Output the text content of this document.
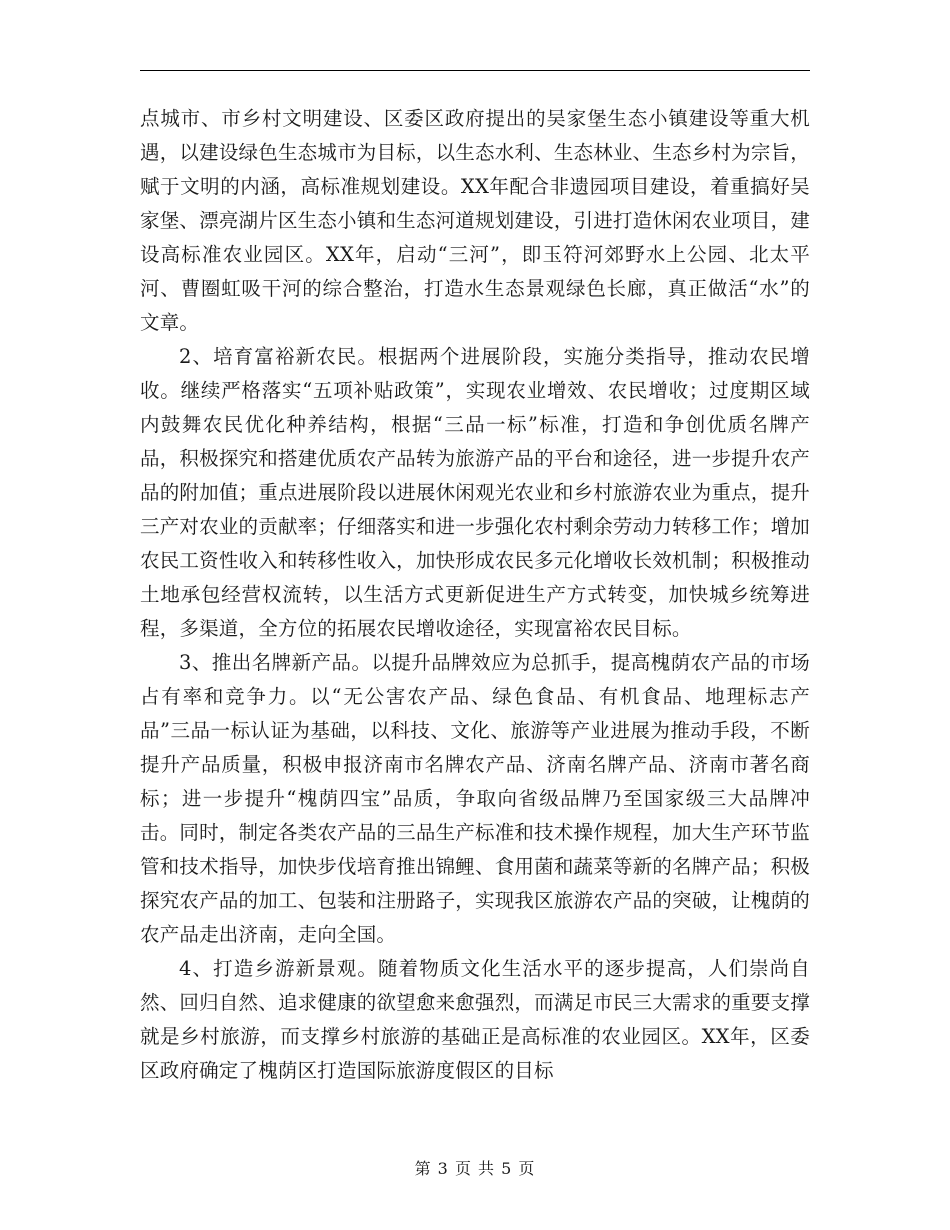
点城市、市乡村文明建设、区委区政府提出的吴家堡生态小镇建设等重大机遇，以建设绿色生态城市为目标，以生态水利、生态林业、生态乡村为宗旨，赋于文明的内涵，高标准规划建设。XX年配合非遗园项目建设，着重搞好吴家堡、漂亮湖片区生态小镇和生态河道规划建设，引进打造休闲农业项目，建设高标准农业园区。XX年，启动“三河”，即玉符河郊野水上公园、北太平河、曹圈虹吸干河的综合整治，打造水生态景观绿色长廊，真正做活“水”的文章。

2、培育富裕新农民。根据两个进展阶段，实施分类指导，推动农民增收。继续严格落实“五项补贴政策”，实现农业增效、农民增收；过度期区域内鼓舞农民优化种养结构，根据“三品一标”标准，打造和争创优质名牌产品，积极探究和搭建优质农产品转为旅游产品的平台和途径，进一步提升农产品的附加值；重点进展阶段以进展休闲观光农业和乡村旅游农业为重点，提升三产对农业的贡献率；仔细落实和进一步强化农村剩余劳动力转移工作；增加农民工资性收入和转移性收入，加快形成农民多元化增收长效机制；积极推动土地承包经营权流转，以生活方式更新促进生产方式转变，加快城乡统筹进程，多渠道，全方位的拓展农民增收途径，实现富裕农民目标。

3、推出名牌新产品。以提升品牌效应为总抓手，提高槐荫农产品的市场占有率和竞争力。以“无公害农产品、绿色食品、有机食品、地理标志产品”三品一标认证为基础，以科技、文化、旅游等产业进展为推动手段，不断提升产品质量，积极申报济南市名牌农产品、济南名牌产品、济南市著名商标；进一步提升“槐荫四宝”品质，争取向省级品牌乃至国家级三大品牌冲击。同时，制定各类农产品的三品生产标准和技术操作规程，加大生产环节监管和技术指导，加快步伐培育推出锦鲤、食用菌和蔬菜等新的名牌产品；积极探究农产品的加工、包装和注册路子，实现我区旅游农产品的突破，让槐荫的农产品走出济南，走向全国。

4、打造乡游新景观。随着物质文化生活水平的逐步提高，人们崇尚自然、回归自然、追求健康的欲望愈来愈强烈，而满足市民三大需求的重要支撑就是乡村旅游，而支撑乡村旅游的基础正是高标准的农业园区。XX年，区委区政府确定了槐荫区打造国际旅游度假区的目标

第 3 页 共 5 页
